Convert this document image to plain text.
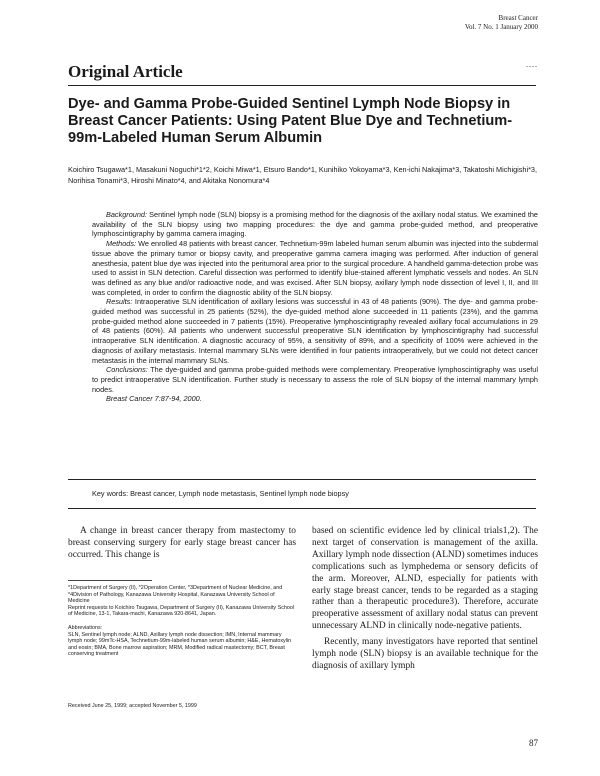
Breast Cancer
Vol. 7 No. 1 January 2000
....
Original Article
Dye- and Gamma Probe-Guided Sentinel Lymph Node Biopsy in Breast Cancer Patients: Using Patent Blue Dye and Technetium-99m-Labeled Human Serum Albumin
Koichiro Tsugawa*1, Masakuni Noguchi*1*2, Koichi Miwa*1, Etsuro Bando*1, Kunihiko Yokoyama*3, Ken-ichi Nakajima*3, Takatoshi Michigishi*3, Norihisa Tonami*3, Hiroshi Minato*4, and Akitaka Nonomura*4

Background: Sentinel lymph node (SLN) biopsy is a promising method for the diagnosis of the axillary nodal status. We examined the availability of the SLN biopsy using two mapping procedures: the dye and gamma probe-guided method, and preoperative lymphoscintigraphy by gamma camera imaging.

Methods: We enrolled 48 patients with breast cancer. Technetium-99m labeled human serum albumin was injected into the subdermal tissue above the primary tumor or biopsy cavity, and preoperative gamma camera imaging was performed. After induction of general anesthesia, patent blue dye was injected into the peritumoral area prior to the surgical procedure. A handheld gamma-detection probe was used to assist in SLN detection. Careful dissection was performed to identify blue-stained afferent lymphatic vessels and nodes. An SLN was defined as any blue and/or radioactive node, and was excised. After SLN biopsy, axillary lymph node dissection of level I, II, and III was completed, in order to confirm the diagnostic ability of the SLN biopsy.

Results: Intraoperative SLN identification of axillary lesions was successful in 43 of 48 patients (90%). The dye- and gamma probe-guided method was successful in 25 patients (52%), the dye-guided method alone succeeded in 11 patients (23%), and the gamma probe-guided method alone succeeded in 7 patients (15%). Preoperative lymphoscintigraphy revealed axillary focal accumulations in 29 of 48 patients (60%). All patients who underwent successful preoperative SLN identification by lymphoscintigraphy had successful intraoperative SLN identification. A diagnostic accuracy of 95%, a sensitivity of 89%, and a specificity of 100% were achieved in the diagnosis of axillary metastasis. Internal mammary SLNs were identified in four patients intraoperatively, but we could not detect cancer metastasis in the internal mammary SLNs.

Conclusions: The dye-guided and gamma probe-guided methods were complementary. Preoperative lymphoscintigraphy was useful to predict intraoperative SLN identification. Further study is necessary to assess the role of SLN biopsy of the internal mammary lymph nodes.

Breast Cancer 7:87-94, 2000.

Key words: Breast cancer, Lymph node metastasis, Sentinel lymph node biopsy

A change in breast cancer therapy from mastectomy to breast conserving surgery for early stage breast cancer has occurred. This change is

*1Department of Surgery (II), *2Operation Center, *3Department of Nuclear Medicine, and *4Division of Pathology, Kanazawa University Hospital, Kanazawa University School of Medicine
Reprint requests to Koichiro Tsugawa, Department of Surgery (II), Kanazawa University School of Medicine, 13-1, Takara-machi, Kanazawa 920-8641, Japan.
Abbreviations:
SLN, Sentinel lymph node; ALND, Axillary lymph node dissection; IMN, Internal mammary lymph node; 99mTc-HSA, Technetium-99m-labeled human serum albumin; H&E, Hematoxylin and eosin; BMA, Bone marrow aspiration; MRM, Modified radical mastectomy; BCT, Breast conserving treatment
Received June 25, 1999; accepted November 5, 1999

based on scientific evidence led by clinical trials1,2). The next target of conservation is management of the axilla. Axillary lymph node dissection (ALND) sometimes induces complications such as lymphedema or sensory deficits of the arm. Moreover, ALND, especially for patients with early stage breast cancer, tends to be regarded as a staging rather than a therapeutic procedure3). Therefore, accurate preoperative assessment of axillary nodal status can prevent unnecessary ALND in clinically node-negative patients.

Recently, many investigators have reported that sentinel lymph node (SLN) biopsy is an available technique for the diagnosis of axillary lymph

87
